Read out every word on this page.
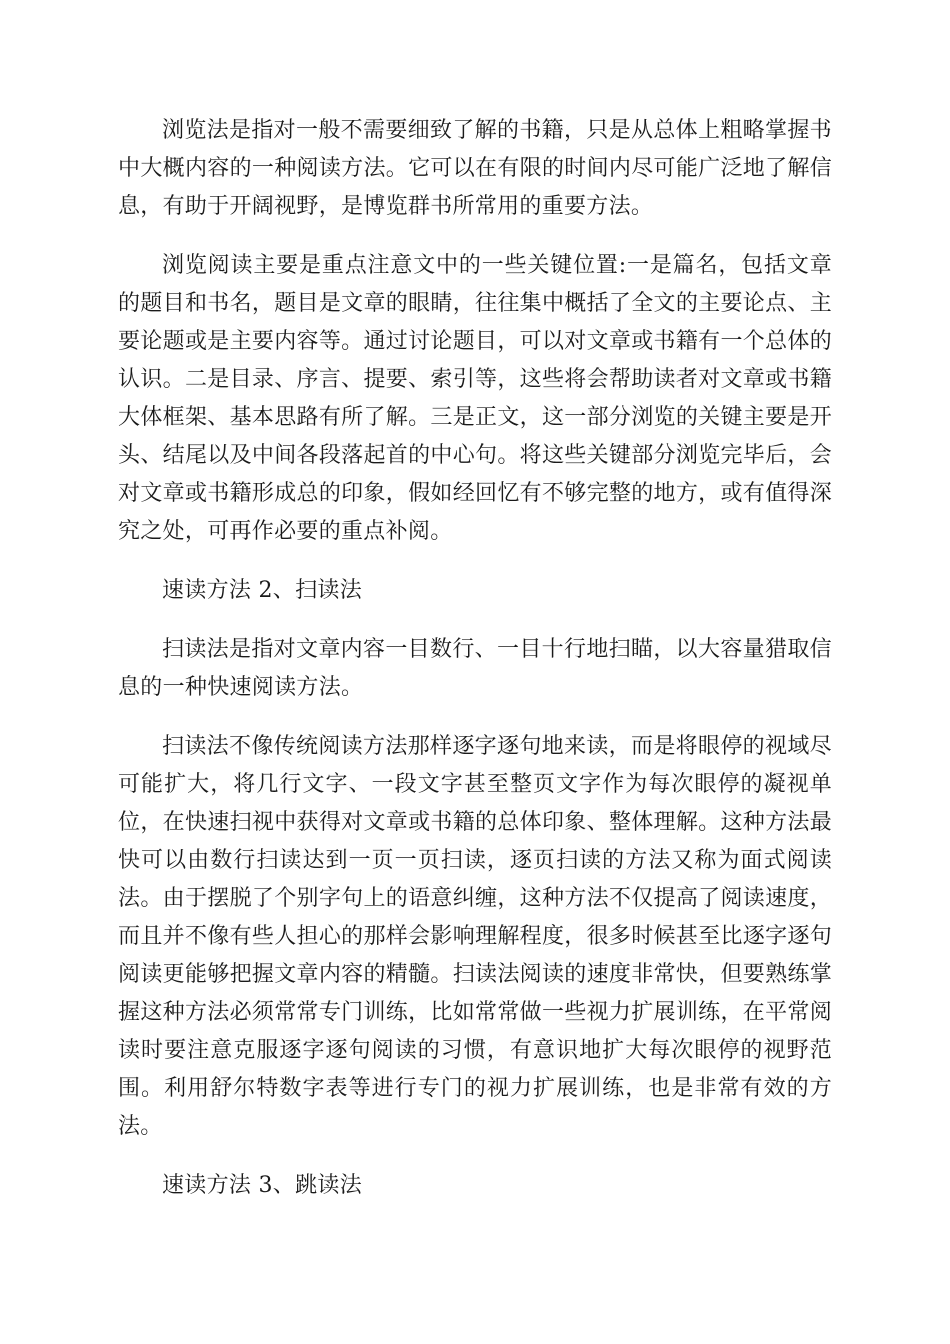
浏览法是指对一般不需要细致了解的书籍，只是从总体上粗略掌握书中大概内容的一种阅读方法。它可以在有限的时间内尽可能广泛地了解信息，有助于开阔视野，是博览群书所常用的重要方法。

浏览阅读主要是重点注意文中的一些关键位置:一是篇名，包括文章的题目和书名，题目是文章的眼睛，往往集中概括了全文的主要论点、主要论题或是主要内容等。通过讨论题目，可以对文章或书籍有一个总体的认识。二是目录、序言、提要、索引等，这些将会帮助读者对文章或书籍大体框架、基本思路有所了解。三是正文，这一部分浏览的关键主要是开头、结尾以及中间各段落起首的中心句。将这些关键部分浏览完毕后，会对文章或书籍形成总的印象，假如经回忆有不够完整的地方，或有值得深究之处，可再作必要的重点补阅。

速读方法 2、扫读法

扫读法是指对文章内容一目数行、一目十行地扫瞄，以大容量猎取信息的一种快速阅读方法。

扫读法不像传统阅读方法那样逐字逐句地来读，而是将眼停的视域尽可能扩大，将几行文字、一段文字甚至整页文字作为每次眼停的凝视单位，在快速扫视中获得对文章或书籍的总体印象、整体理解。这种方法最快可以由数行扫读达到一页一页扫读，逐页扫读的方法又称为面式阅读法。由于摆脱了个别字句上的语意纠缠，这种方法不仅提高了阅读速度，而且并不像有些人担心的那样会影响理解程度，很多时候甚至比逐字逐句阅读更能够把握文章内容的精髓。扫读法阅读的速度非常快，但要熟练掌握这种方法必须常常专门训练，比如常常做一些视力扩展训练，在平常阅读时要注意克服逐字逐句阅读的习惯，有意识地扩大每次眼停的视野范围。利用舒尔特数字表等进行专门的视力扩展训练，也是非常有效的方法。

速读方法 3、跳读法
